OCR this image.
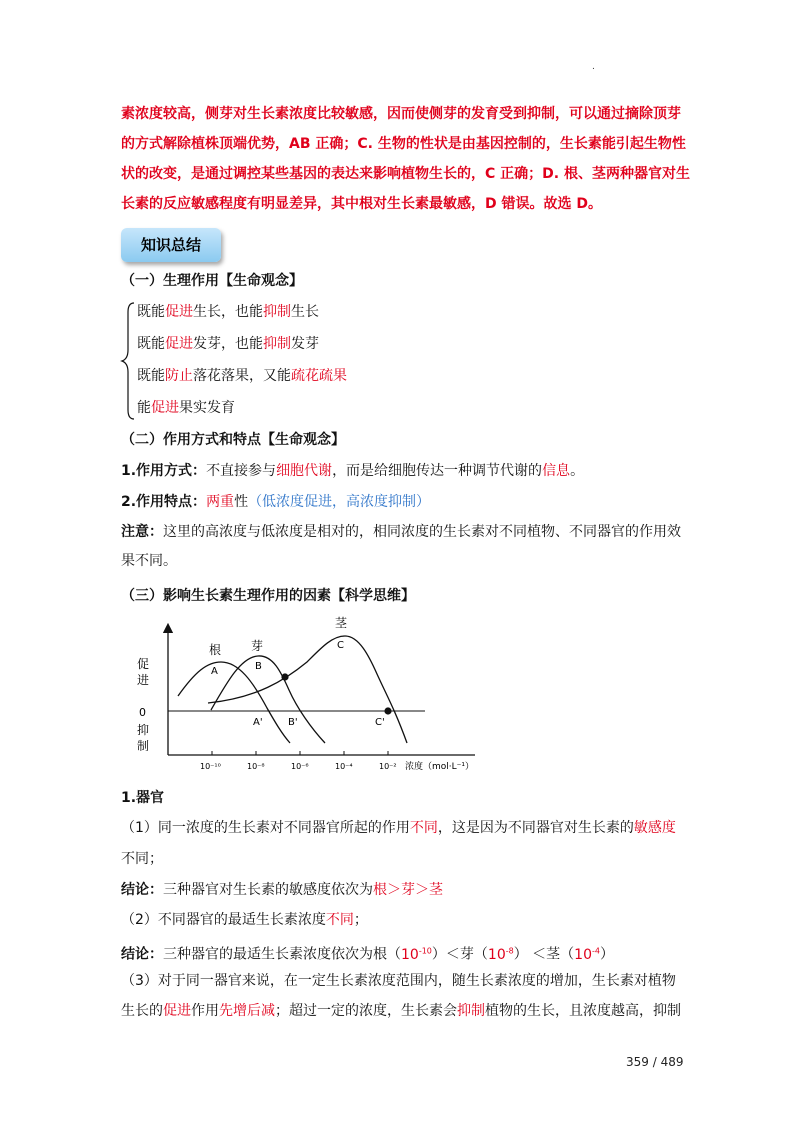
.
素浓度较高，侧芽对生长素浓度比较敏感，因而使侧芽的发育受到抑制，可以通过摘除顶芽
的方式解除植株顶端优势，AB 正确；C. 生物的性状是由基因控制的，生长素能引起生物性
状的改变，是通过调控某些基因的表达来影响植物生长的，C 正确；D. 根、茎两种器官对生
长素的反应敏感程度有明显差异，其中根对生长素最敏感，D 错误。故选 D。
知识总结
（一）生理作用【生命观念】
既能促进生长，也能抑制生长
既能促进发芽，也能抑制发芽
既能防止落花落果，又能疏花疏果
能促进果实发育
（二）作用方式和特点【生命观念】
1.作用方式：不直接参与细胞代谢，而是给细胞传达一种调节代谢的信息。
2.作用特点：两重性（低浓度促进，高浓度抑制）
注意：这里的高浓度与低浓度是相对的，相同浓度的生长素对不同植物、不同器官的作用效
果不同。
（三）影响生长素生理作用的因素【科学思维】
促
进
0
抑
制
根 芽
茎
A	B
C
A'	B'	C'
10⁻¹⁰	10⁻⁸	10⁻⁶	10⁻⁴	10⁻² 浓度（mol·L⁻¹）
1.器官
（1）同一浓度的生长素对不同器官所起的作用不同，这是因为不同器官对生长素的敏感度
不同；
结论：三种器官对生长素的敏感度依次为根＞芽＞茎
（2）不同器官的最适生长素浓度不同；
结论：三种器官的最适生长素浓度依次为根$(10^{-10})<$芽$(10^{-8})$ ＜茎$(10^{-4})$
（3）对于同一器官来说，在一定生长素浓度范围内，随生长素浓度的增加，生长素对植物
生长的促进作用先增后减；超过一定的浓度，生长素会抑制植物的生长，且浓度越高，抑制
359 / 489
